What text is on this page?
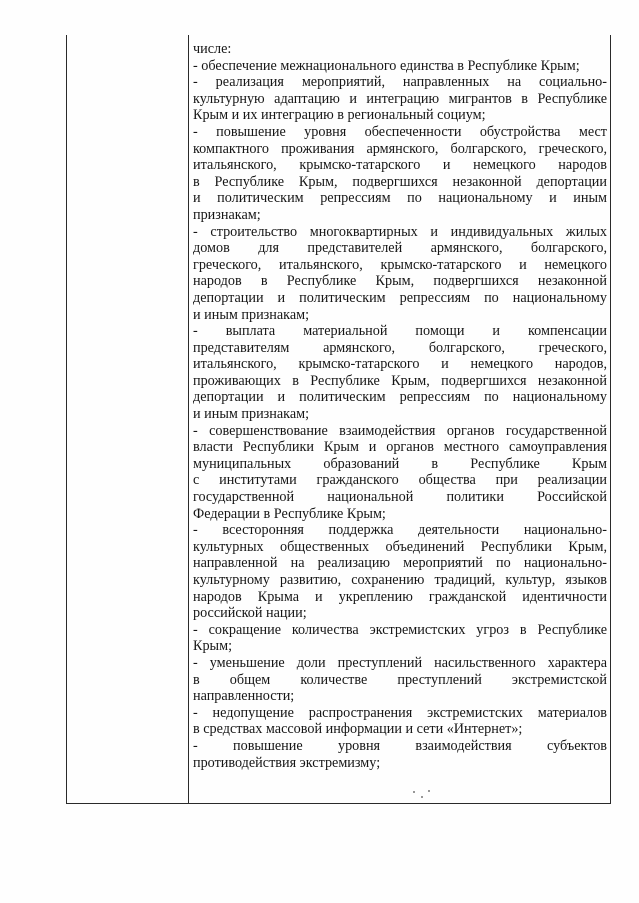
числе:
- обеспечение межнационального единства в Республике Крым;
- реализация мероприятий, направленных на социально-
культурную адаптацию и интеграцию мигрантов в Республике
Крым и их интеграцию в региональный социум;
- повышение уровня обеспеченности обустройства мест
компактного проживания армянского, болгарского, греческого,
итальянского, крымско-татарского и немецкого народов
в Республике Крым, подвергшихся незаконной депортации
и политическим репрессиям по национальному и иным
признакам;
- строительство многоквартирных и индивидуальных жилых
домов для представителей армянского, болгарского,
греческого, итальянского, крымско-татарского и немецкого
народов в Республике Крым, подвергшихся незаконной
депортации и политическим репрессиям по национальному
и иным признакам;
- выплата материальной помощи и компенсации
представителям армянского, болгарского, греческого,
итальянского, крымско-татарского и немецкого народов,
проживающих в Республике Крым, подвергшихся незаконной
депортации и политическим репрессиям по национальному
и иным признакам;
- совершенствование взаимодействия органов государственной
власти Республики Крым и органов местного самоуправления
муниципальных образований в Республике Крым
с институтами гражданского общества при реализации
государственной национальной политики Российской
Федерации в Республике Крым;
- всесторонняя поддержка деятельности национально-
культурных общественных объединений Республики Крым,
направленной на реализацию мероприятий по национально-
культурному развитию, сохранению традиций, культур, языков
народов Крыма и укреплению гражданской идентичности
российской нации;
- сокращение количества экстремистских угроз в Республике
Крым;
- уменьшение доли преступлений насильственного характера
в общем количестве преступлений экстремистской
направленности;
- недопущение распространения экстремистских материалов
в средствах массовой информации и сети «Интернет»;
- повышение уровня взаимодействия субъектов
противодействия экстремизму;
